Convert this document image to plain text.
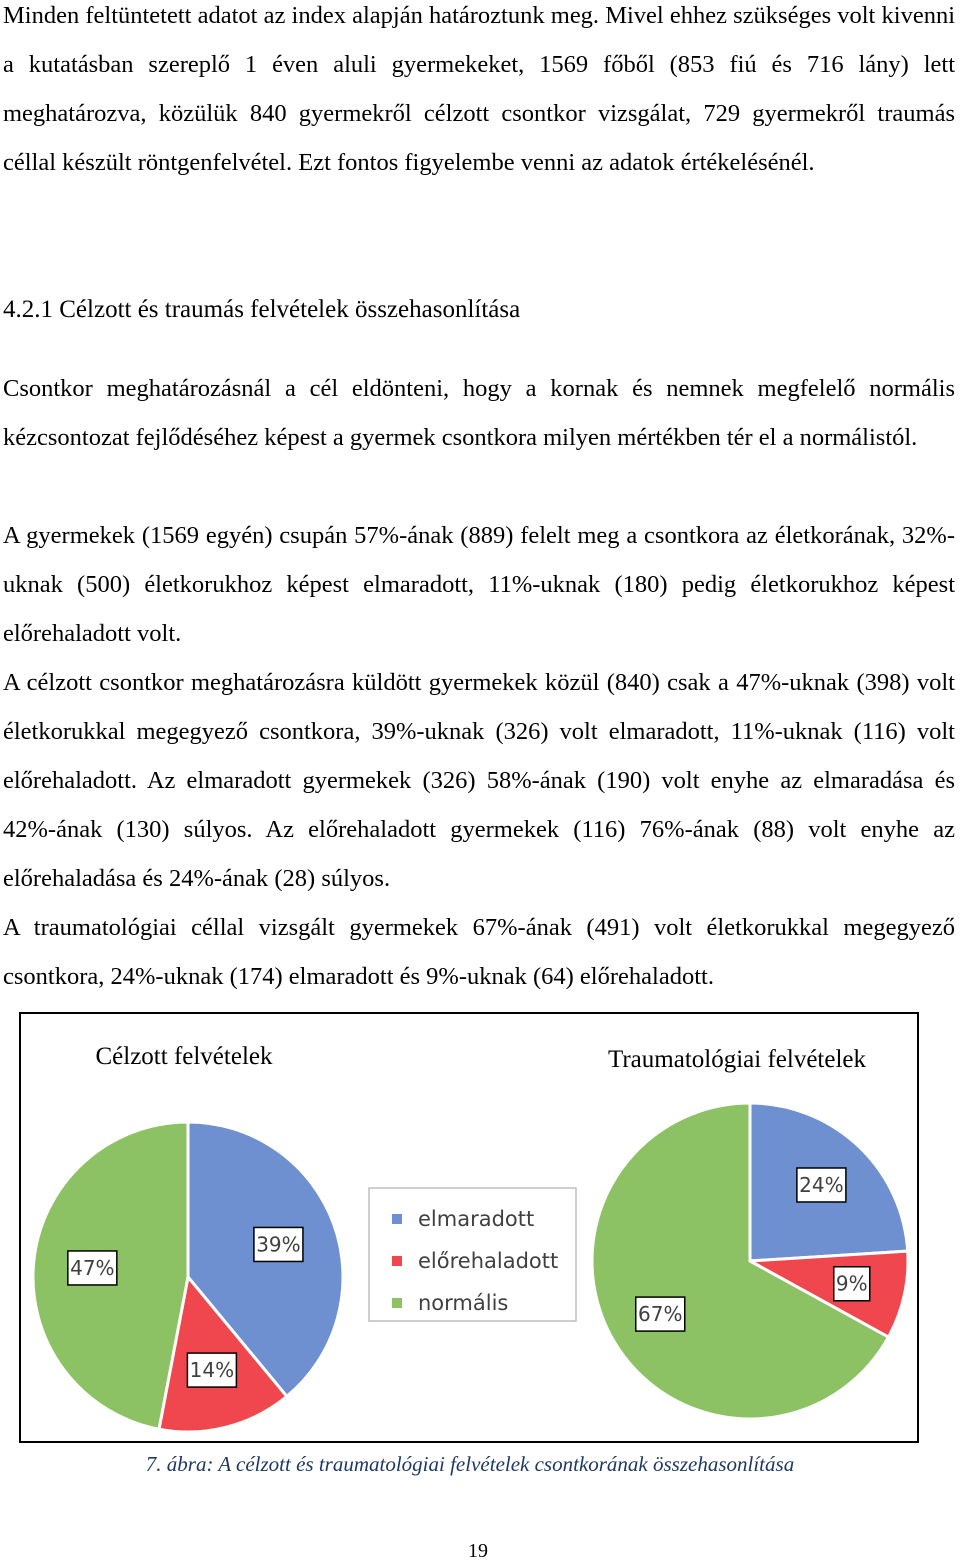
Minden feltüntetett adatot az index alapján határoztunk meg. Mivel ehhez szükséges volt kivenni a kutatásban szereplő 1 éven aluli gyermekeket, 1569 főből (853 fiú és 716 lány) lett meghatározva, közülük 840 gyermekről célzott csontkor vizsgálat, 729 gyermekről traumás céllal készült röntgenfelvétel. Ezt fontos figyelembe venni az adatok értékelésénél.

4.2.1 Célzott és traumás felvételek összehasonlítása

Csontkor meghatározásnál a cél eldönteni, hogy a kornak és nemnek megfelelő normális kézcsontozat fejlődéséhez képest a gyermek csontkora milyen mértékben tér el a normálistól.

A gyermekek (1569 egyén) csupán 57%-ának (889) felelt meg a csontkora az életkorának, 32%-uknak (500) életkorukhoz képest elmaradott, 11%-uknak (180) pedig életkorukhoz képest előrehaladott volt.

A célzott csontkor meghatározásra küldött gyermekek közül (840) csak a 47%-uknak (398) volt életkorukkal megegyező csontkora, 39%-uknak (326) volt elmaradott, 11%-uknak (116) volt előrehaladott. Az elmaradott gyermekek (326) 58%-ának (190) volt enyhe az elmaradása és 42%-ának (130) súlyos. Az előrehaladott gyermekek (116) 76%-ának (88) volt enyhe az előrehaladása és 24%-ának (28) súlyos.

A traumatológiai céllal vizsgált gyermekek 67%-ának (491) volt életkorukkal megegyező csontkora, 24%-uknak (174) elmaradott és 9%-uknak (64) előrehaladott.

Célzott felvételek	Traumatológiai felvételek
39%
14%
47%
24%
9%
67%
elmaradott
előrehaladott
normális

7. ábra: A célzott és traumatológiai felvételek csontkorának összehasonlítása

19
